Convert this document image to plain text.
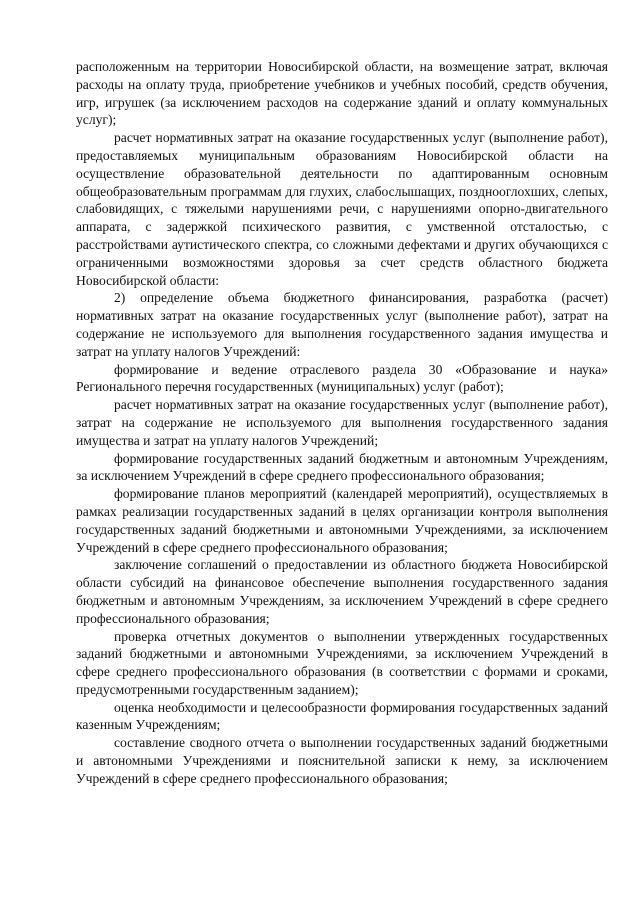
расположенным на территории Новосибирской области, на возмещение затрат, включая расходы на оплату труда, приобретение учебников и учебных пособий, средств обучения, игр, игрушек (за исключением расходов на содержание зданий и оплату коммунальных услуг);

расчет нормативных затрат на оказание государственных услуг (выполнение работ), предоставляемых муниципальным образованиям Новосибирской области на осуществление образовательной деятельности по адаптированным основным общеобразовательным программам для глухих, слабослышащих, позднооглохших, слепых, слабовидящих, с тяжелыми нарушениями речи, с нарушениями опорно-двигательного аппарата, с задержкой психического развития, с умственной отсталостью, с расстройствами аутистического спектра, со сложными дефектами и других обучающихся с ограниченными возможностями здоровья за счет средств областного бюджета Новосибирской области:

2) определение объема бюджетного финансирования, разработка (расчет) нормативных затрат на оказание государственных услуг (выполнение работ), затрат на содержание не используемого для выполнения государственного задания имущества и затрат на уплату налогов Учреждений:

формирование и ведение отраслевого раздела 30 «Образование и наука» Регионального перечня государственных (муниципальных) услуг (работ);

расчет нормативных затрат на оказание государственных услуг (выполнение работ), затрат на содержание не используемого для выполнения государственного задания имущества и затрат на уплату налогов Учреждений;

формирование государственных заданий бюджетным и автономным Учреждениям, за исключением Учреждений в сфере среднего профессионального образования;

формирование планов мероприятий (календарей мероприятий), осуществляемых в рамках реализации государственных заданий в целях организации контроля выполнения государственных заданий бюджетными и автономными Учреждениями, за исключением Учреждений в сфере среднего профессионального образования;

заключение соглашений о предоставлении из областного бюджета Новосибирской области субсидий на финансовое обеспечение выполнения государственного задания бюджетным и автономным Учреждениям, за исключением Учреждений в сфере среднего профессионального образования;

проверка отчетных документов о выполнении утвержденных государственных заданий бюджетными и автономными Учреждениями, за исключением Учреждений в сфере среднего профессионального образования (в соответствии с формами и сроками, предусмотренными государственным заданием);

оценка необходимости и целесообразности формирования государственных заданий казенным Учреждениям;

составление сводного отчета о выполнении государственных заданий бюджетными и автономными Учреждениями и пояснительной записки к нему, за исключением Учреждений в сфере среднего профессионального образования;
